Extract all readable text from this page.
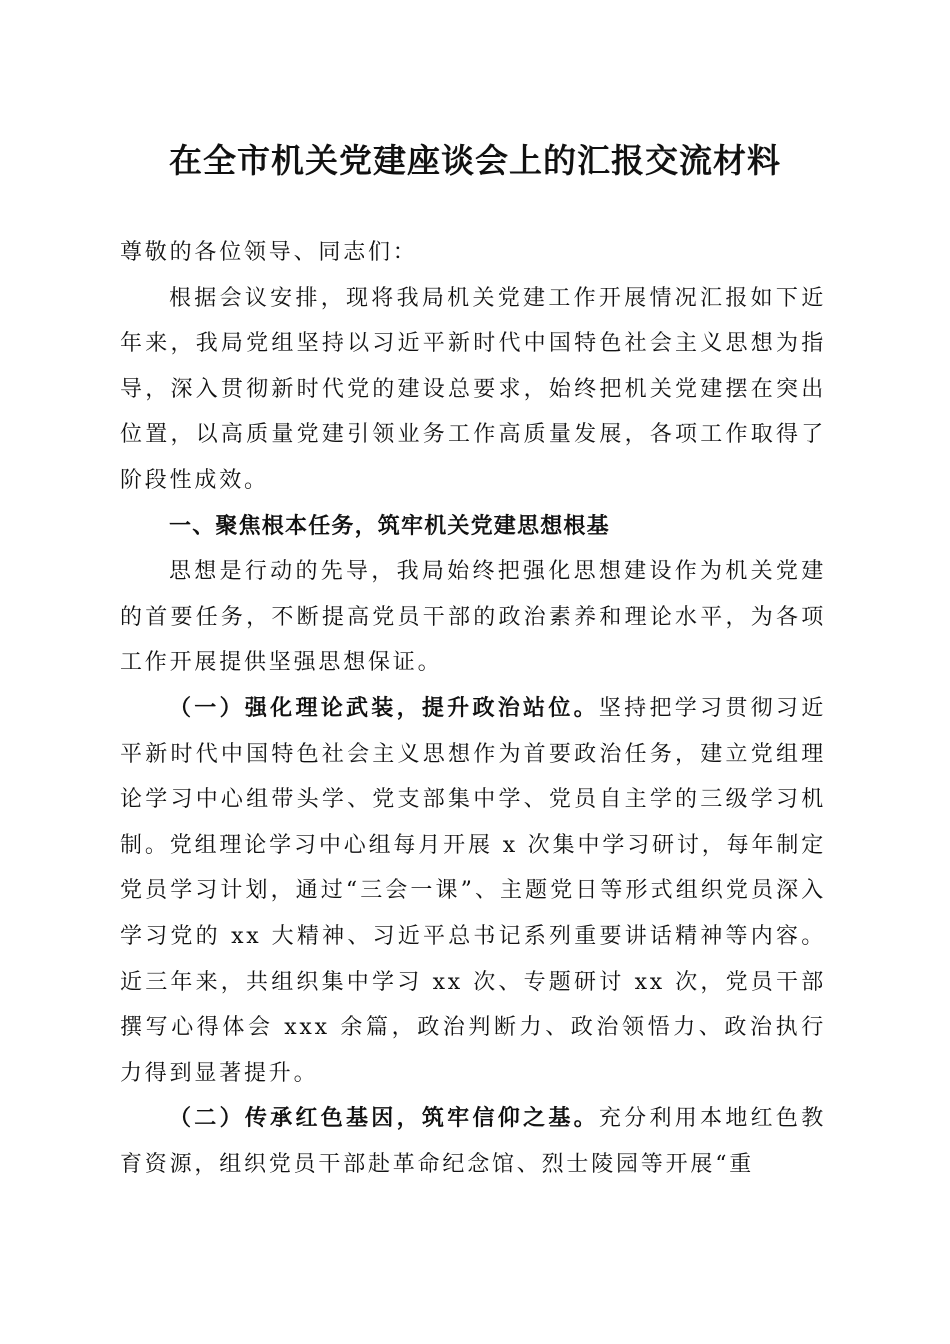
在全市机关党建座谈会上的汇报交流材料

尊敬的各位领导、同志们：

根据会议安排，现将我局机关党建工作开展情况汇报如下近年来，我局党组坚持以习近平新时代中国特色社会主义思想为指导，深入贯彻新时代党的建设总要求，始终把机关党建摆在突出位置，以高质量党建引领业务工作高质量发展，各项工作取得了阶段性成效。

一、聚焦根本任务，筑牢机关党建思想根基

思想是行动的先导，我局始终把强化思想建设作为机关党建的首要任务，不断提高党员干部的政治素养和理论水平，为各项工作开展提供坚强思想保证。

（一）强化理论武装，提升政治站位。坚持把学习贯彻习近平新时代中国特色社会主义思想作为首要政治任务，建立党组理论学习中心组带头学、党支部集中学、党员自主学的三级学习机制。党组理论学习中心组每月开展 x 次集中学习研讨，每年制定党员学习计划，通过“三会一课”、主题党日等形式组织党员深入学习党的 xx 大精神、习近平总书记系列重要讲话精神等内容。近三年来，共组织集中学习 xx 次、专题研讨 xx 次，党员干部撰写心得体会 xxx 余篇，政治判断力、政治领悟力、政治执行力得到显著提升。

（二）传承红色基因，筑牢信仰之基。充分利用本地红色教育资源，组织党员干部赴革命纪念馆、烈士陵园等开展“重
